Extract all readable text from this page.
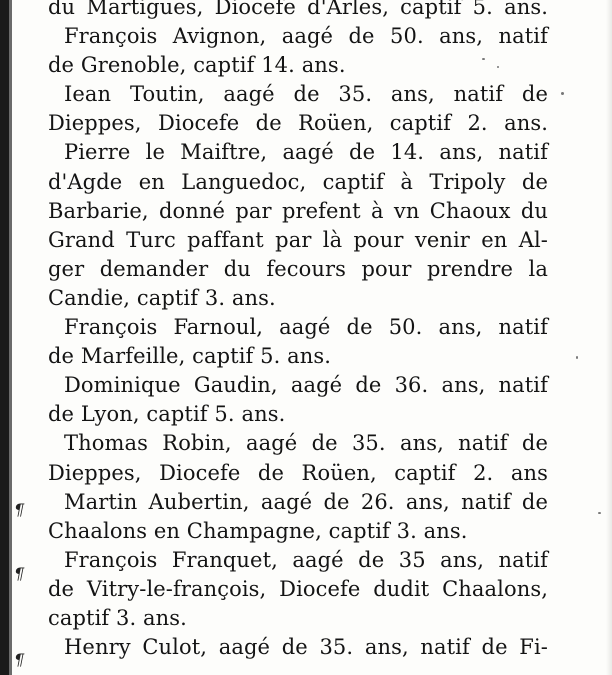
¶
¶
¶
du Martigues, Diocefe d'Arles, captif 5. ans.
François Avignon, aagé de 50. ans, natif
de Grenoble, captif 14. ans.
Iean Toutin, aagé de 35. ans, natif de
Dieppes, Diocefe de Roüen, captif 2. ans.
Pierre le Maiftre, aagé de 14. ans, natif
d'Agde en Languedoc, captif à Tripoly de
Barbarie, donné par prefent à vn Chaoux du
Grand Turc paffant par là pour venir en Al-
ger demander du fecours pour prendre la
Candie, captif 3. ans.
François Farnoul, aagé de 50. ans, natif
de Marfeille, captif 5. ans.
Dominique Gaudin, aagé de 36. ans, natif
de Lyon, captif 5. ans.
Thomas Robin, aagé de 35. ans, natif de
Dieppes, Diocefe de Roüen, captif 2. ans
Martin Aubertin, aagé de 26. ans, natif de
Chaalons en Champagne, captif 3. ans.
François Franquet, aagé de 35 ans, natif
de Vitry-le-françois, Diocefe dudit Chaalons,
captif 3. ans.
Henry Culot, aagé de 35. ans, natif de Fi-
